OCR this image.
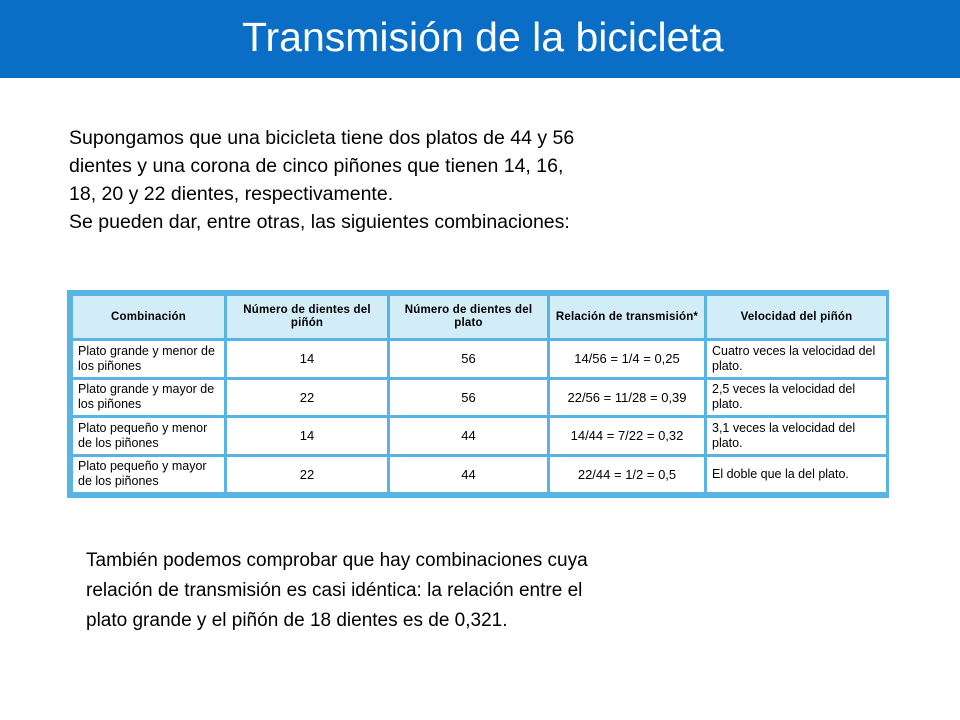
Transmisión de la bicicleta

Supongamos que una bicicleta tiene dos platos de 44 y 56

dientes y una corona de cinco piñones que tienen 14, 16,

18, 20 y 22 dientes, respectivamente.

Se pueden dar, entre otras, las siguientes combinaciones:

Combinación	Número de dientes del piñón	Número de dientes del plato	Relación de transmisión*	Velocidad del piñón
Plato grande y menor de los piñones	14	56	14/56 = 1/4 = 0,25	Cuatro veces la velocidad del plato.
Plato grande y mayor de los piñones	22	56	22/56 = 11/28 = 0,39	2,5 veces la velocidad del plato.
Plato pequeño y menor de los piñones	14	44	14/44 = 7/22 = 0,32	3,1 veces la velocidad del plato.
Plato pequeño y mayor de los piñones	22	44	22/44 = 1/2 = 0,5	El doble que la del plato.

También podemos comprobar que hay combinaciones cuya

relación de transmisión es casi idéntica: la relación entre el

plato grande y el piñón de 18 dientes es de 0,321.
